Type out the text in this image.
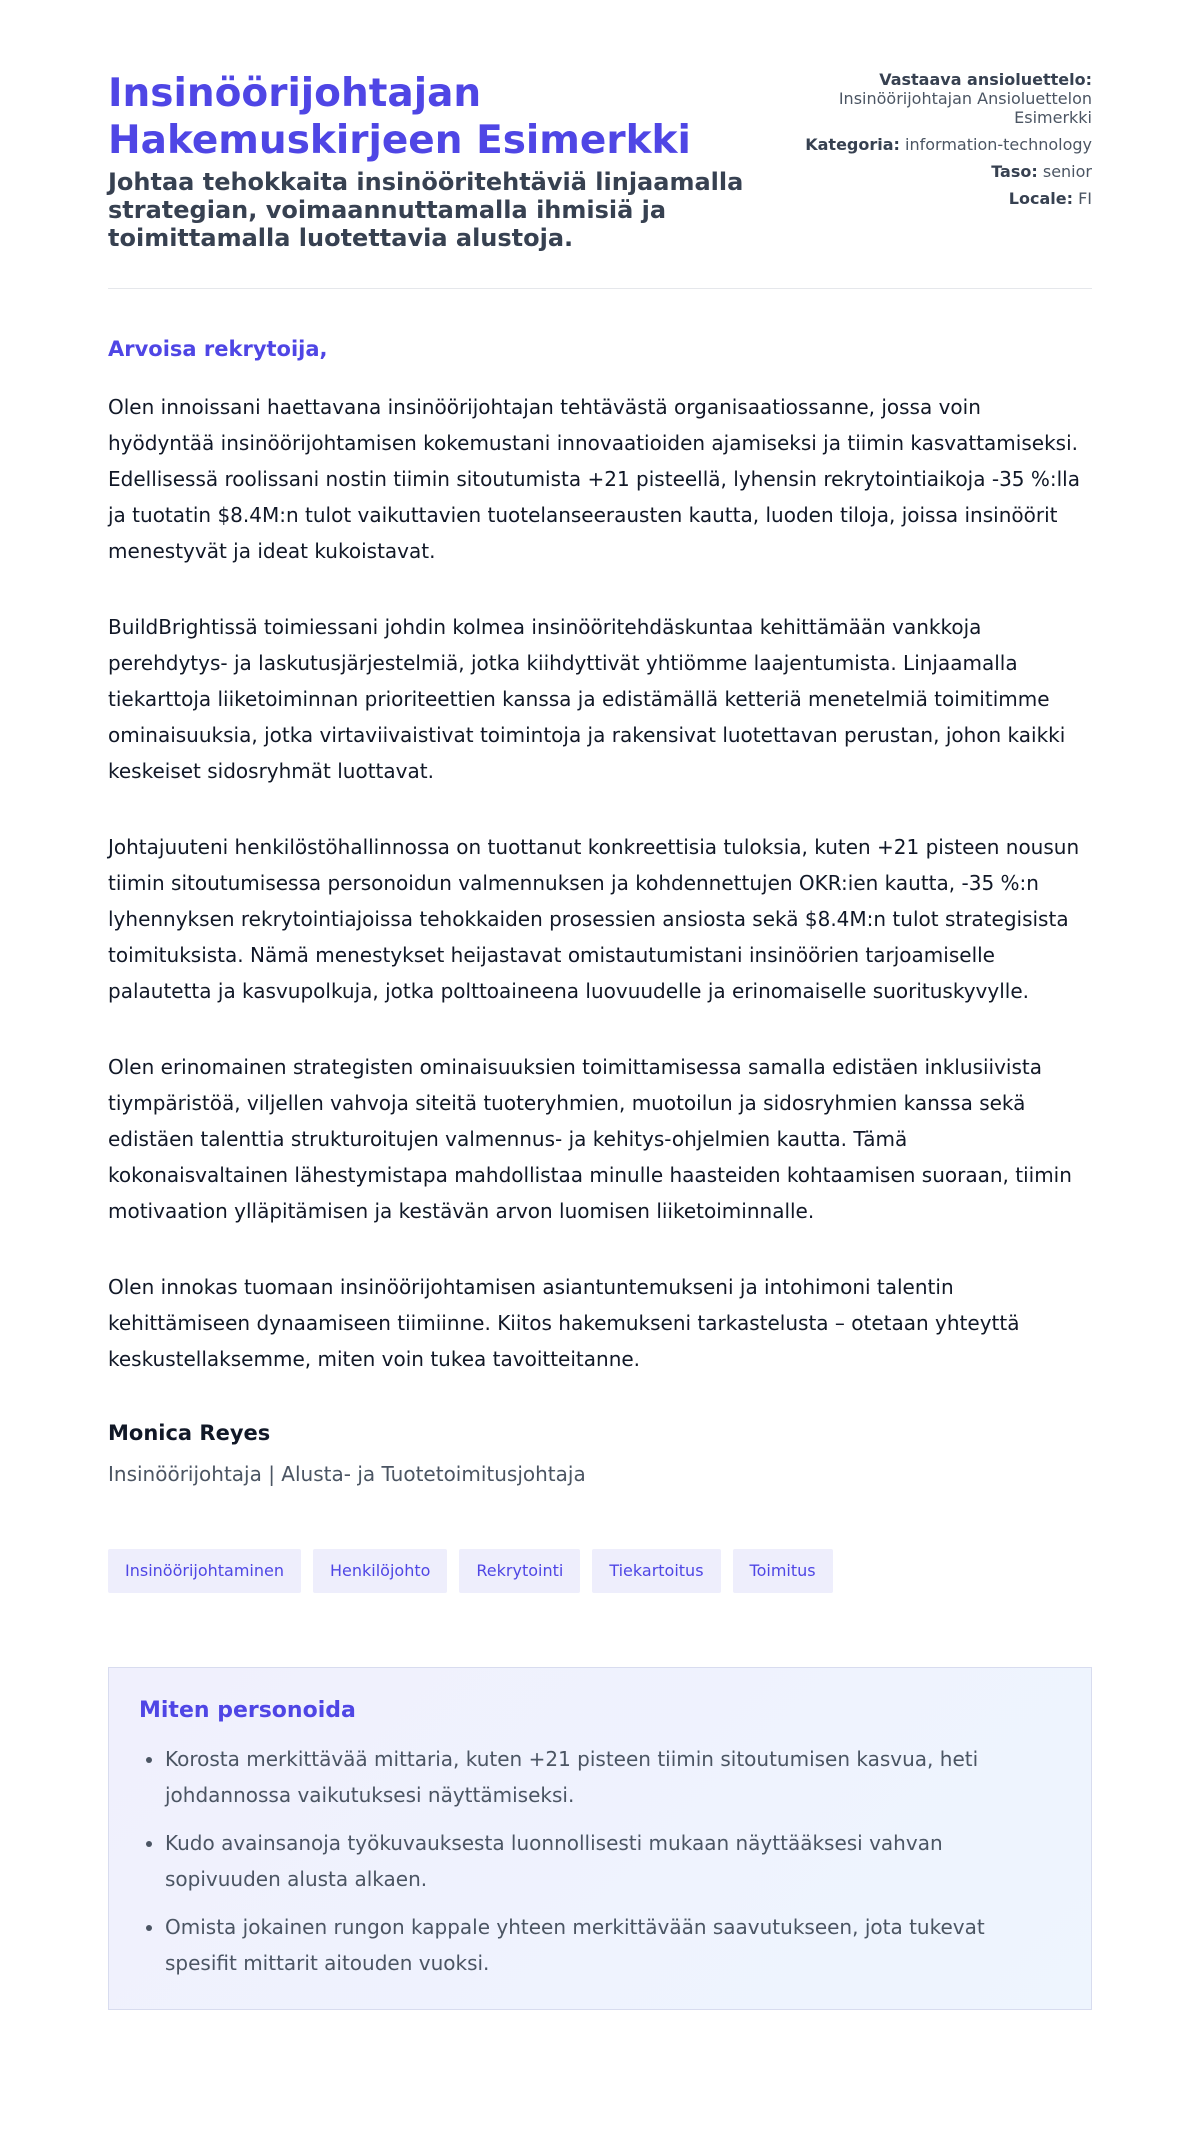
Insinöörijohtajan Hakemuskirjeen Esimerkki
Johtaa tehokkaita insinööritehtäviä linjaamalla strategian, voimaannuttamalla ihmisiä ja toimittamalla luotettavia alustoja.
Vastaava ansioluettelo:
Insinöörijohtajan Ansioluettelon Esimerkki
Kategoria: information-technology
Taso: senior
Locale: FI
Arvoisa rekrytoija,

Olen innoissani haettavana insinöörijohtajan tehtävästä organisaatiossanne, jossa voin hyödyntää insinöörijohtamisen kokemustani innovaatioiden ajamiseksi ja tiimin kasvattamiseksi. Edellisessä roolissani nostin tiimin sitoutumista +21 pisteellä, lyhensin rekrytointiaikoja -35 %:lla ja tuotatin $8.4M:n tulot vaikuttavien tuotelanseerausten kautta, luoden tiloja, joissa insinöörit menestyvät ja ideat kukoistavat.

BuildBrightissä toimiessani johdin kolmea insinööritehdäskuntaa kehittämään vankkoja perehdytys- ja laskutusjärjestelmiä, jotka kiihdyttivät yhtiömme laajentumista. Linjaamalla tiekarttoja liiketoiminnan prioriteettien kanssa ja edistämällä ketteriä menetelmiä toimitimme ominaisuuksia, jotka virtaviivaistivat toimintoja ja rakensivat luotettavan perustan, johon kaikki keskeiset sidosryhmät luottavat.

Johtajuuteni henkilöstöhallinnossa on tuottanut konkreettisia tuloksia, kuten +21 pisteen nousun tiimin sitoutumisessa personoidun valmennuksen ja kohdennettujen OKR:ien kautta, -35 %:n lyhennyksen rekrytointiajoissa tehokkaiden prosessien ansiosta sekä $8.4M:n tulot strategisista toimituksista. Nämä menestykset heijastavat omistautumistani insinöörien tarjoamiselle palautetta ja kasvupolkuja, jotka polttoaineena luovuudelle ja erinomaiselle suorituskyvylle.

Olen erinomainen strategisten ominaisuuksien toimittamisessa samalla edistäen inklusiivista tiympäristöä, viljellen vahvoja siteitä tuoteryhmien, muotoilun ja sidosryhmien kanssa sekä edistäen talenttia strukturoitujen valmennus- ja kehitys-ohjelmien kautta. Tämä kokonaisvaltainen lähestymistapa mahdollistaa minulle haasteiden kohtaamisen suoraan, tiimin motivaation ylläpitämisen ja kestävän arvon luomisen liiketoiminnalle.

Olen innokas tuomaan insinöörijohtamisen asiantuntemukseni ja intohimoni talentin kehittämiseen dynaamiseen tiimiinne. Kiitos hakemukseni tarkastelusta – otetaan yhteyttä keskustellaksemme, miten voin tukea tavoitteitanne.

Monica Reyes
Insinöörijohtaja | Alusta- ja Tuotetoimitusjohtaja
Insinöörijohtaminen	Henkilöjohto	Rekrytointi	Tiekartoitus	Toimitus
Miten personoida
• Korosta merkittävää mittaria, kuten +21 pisteen tiimin sitoutumisen kasvua, heti johdannossa vaikutuksesi näyttämiseksi.
• Kudo avainsanoja työkuvauksesta luonnollisesti mukaan näyttääksesi vahvan sopivuuden alusta alkaen.
• Omista jokainen rungon kappale yhteen merkittävään saavutukseen, jota tukevat spesifit mittarit aitouden vuoksi.
